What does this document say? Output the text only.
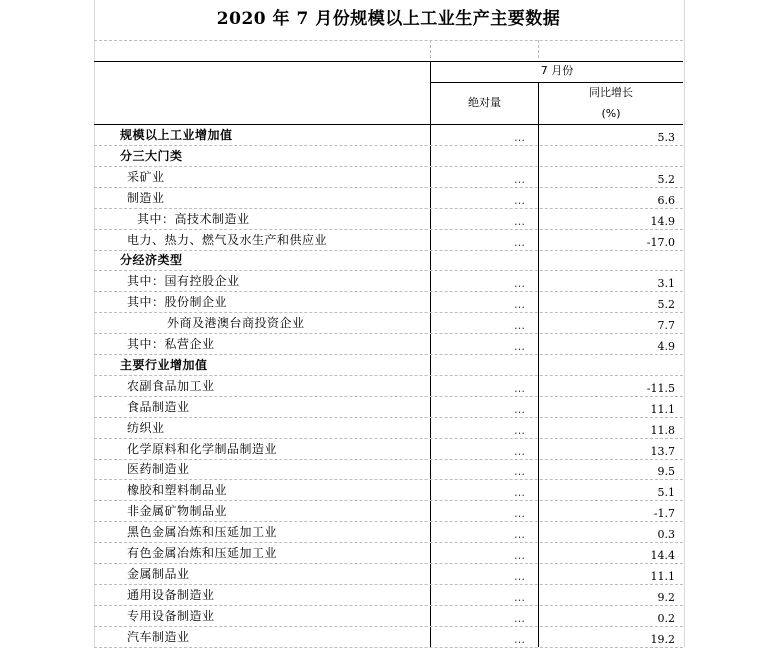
2020 年 7 月份规模以上工业生产主要数据
7 月份
绝对量
同比增长
(%)
规模以上工业增加值	…	5.3
分三大门类
采矿业	…	5.2
制造业	…	6.6
其中：高技术制造业	…	14.9
电力、热力、燃气及水生产和供应业	…	-17.0
分经济类型
其中：国有控股企业	…	3.1
其中：股份制企业	…	5.2
外商及港澳台商投资企业	…	7.7
其中：私营企业	…	4.9
主要行业增加值
农副食品加工业	…	-11.5
食品制造业	…	11.1
纺织业	…	11.8
化学原料和化学制品制造业	…	13.7
医药制造业	…	9.5
橡胶和塑料制品业	…	5.1
非金属矿物制品业	…	-1.7
黑色金属冶炼和压延加工业	…	0.3
有色金属冶炼和压延加工业	…	14.4
金属制品业	…	11.1
通用设备制造业	…	9.2
专用设备制造业	…	0.2
汽车制造业	…	19.2
